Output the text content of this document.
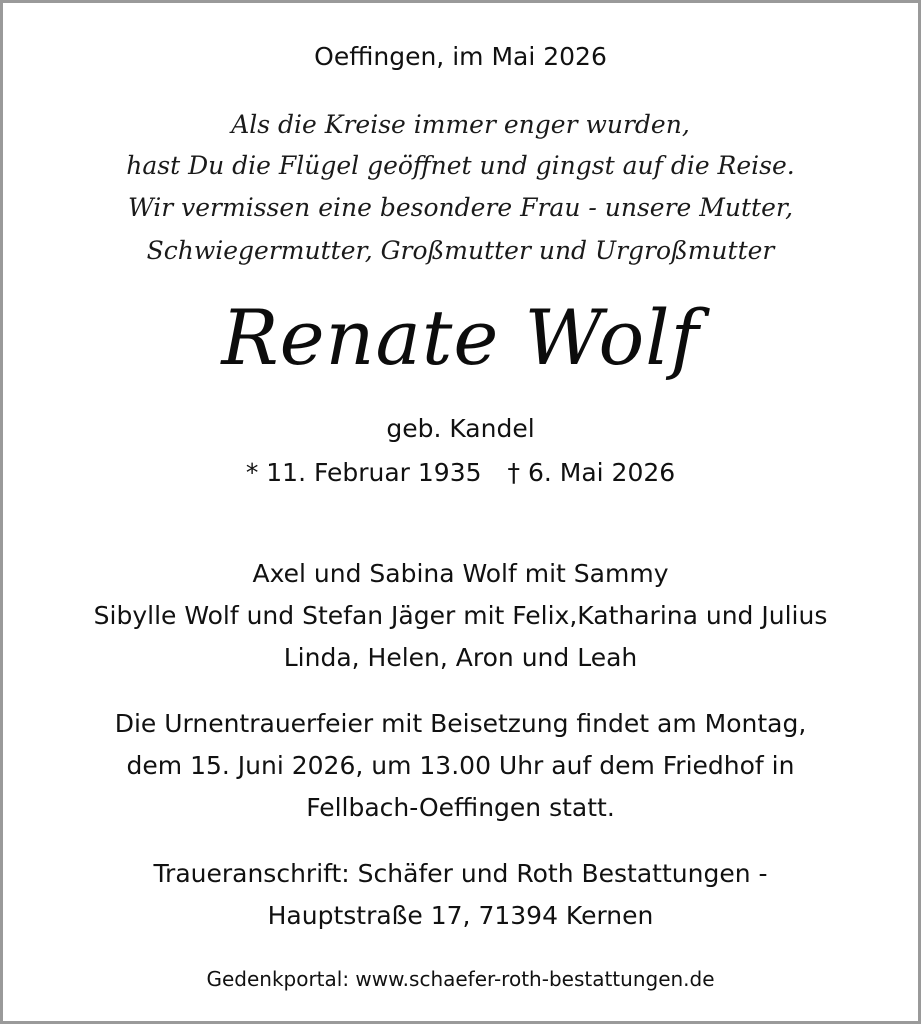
Oeffingen, im Mai 2026
Als die Kreise immer enger wurden,
hast Du die Flügel geöffnet und gingst auf die Reise.
Wir vermissen eine besondere Frau - unsere Mutter,
Schwiegermutter, Großmutter und Urgroßmutter
Renate Wolf
geb. Kandel
* 11. Februar 1935 † 6. Mai 2026
Axel und Sabina Wolf mit Sammy
Sibylle Wolf und Stefan Jäger mit Felix,Katharina und Julius
Linda, Helen, Aron und Leah
Die Urnentrauerfeier mit Beisetzung findet am Montag,
dem 15. Juni 2026, um 13.00 Uhr auf dem Friedhof in
Fellbach-Oeffingen statt.
Traueranschrift: Schäfer und Roth Bestattungen -
Hauptstraße 17, 71394 Kernen
Gedenkportal: www.schaefer-roth-bestattungen.de
